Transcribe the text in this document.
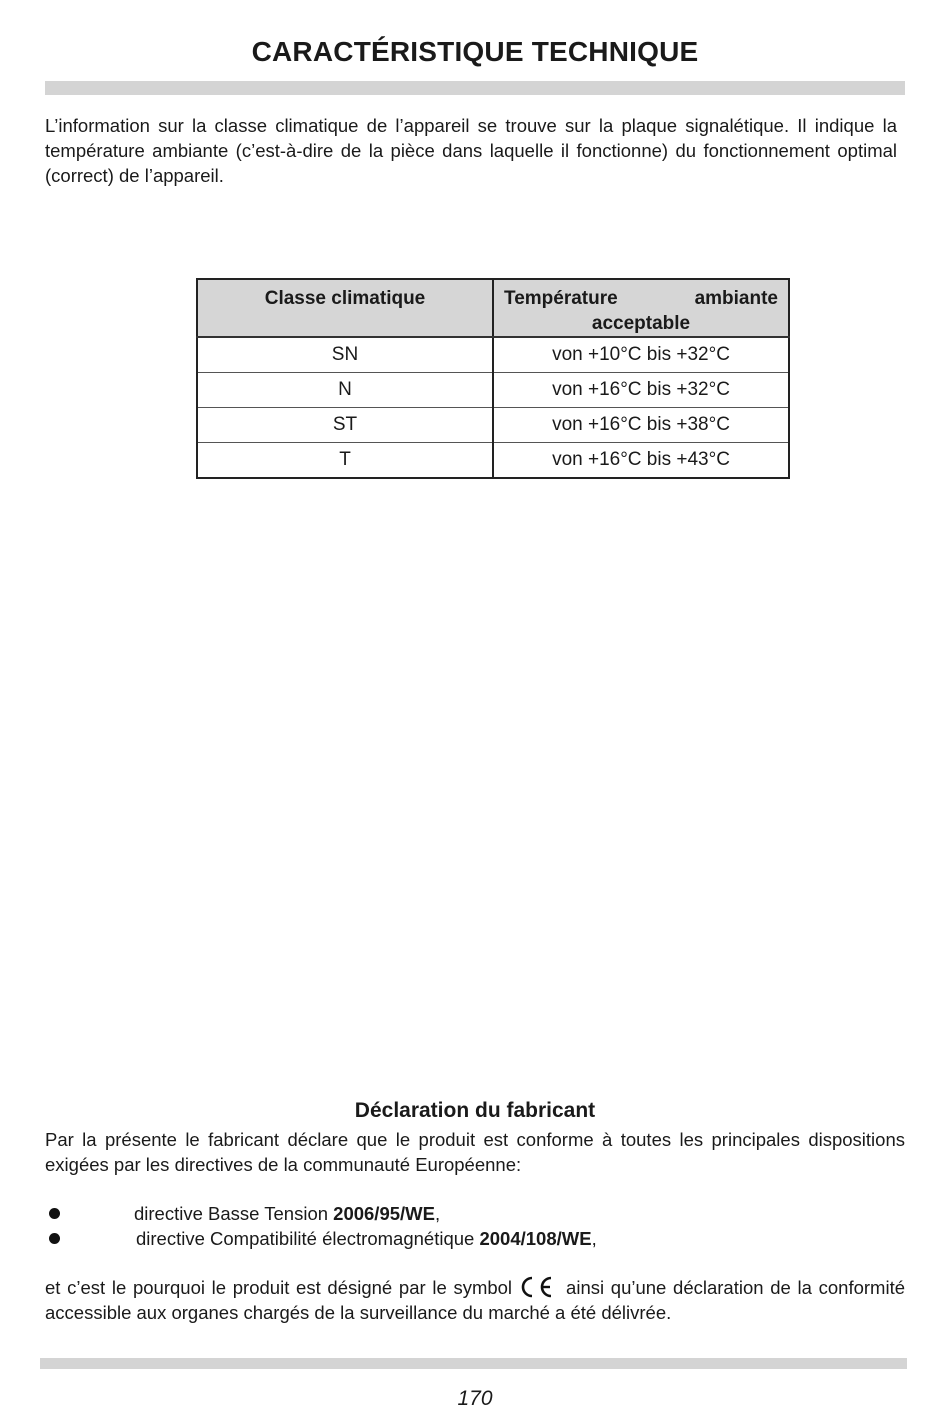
CARACTÉRISTIQUE TECHNIQUE

L’information sur la classe climatique de l’appareil se trouve sur la plaque signalétique. Il indique la température ambiante (c’est-à-dire de la pièce dans laquelle il fonctionne) du fonctionnement optimal (correct) de l’appareil.

Classe climatique	Température ambiante acceptable
SN	von +10°C bis +32°C
N	von +16°C bis +32°C
ST	von +16°C bis +38°C
T	von +16°C bis +43°C
Déclaration du fabricant

Par la présente le fabricant déclare que le produit est conforme à toutes les principales dispositions exigées par les directives de la communauté Européenne:

directive Basse Tension 2006/95/WE,
directive Compatibilité électromagnétique 2004/108/WE,

et c’est le pourquoi le produit est désigné par le symbol	ainsi qu’une déclaration de la conformité accessible aux organes chargés de la surveillance du marché a été délivrée.

170
